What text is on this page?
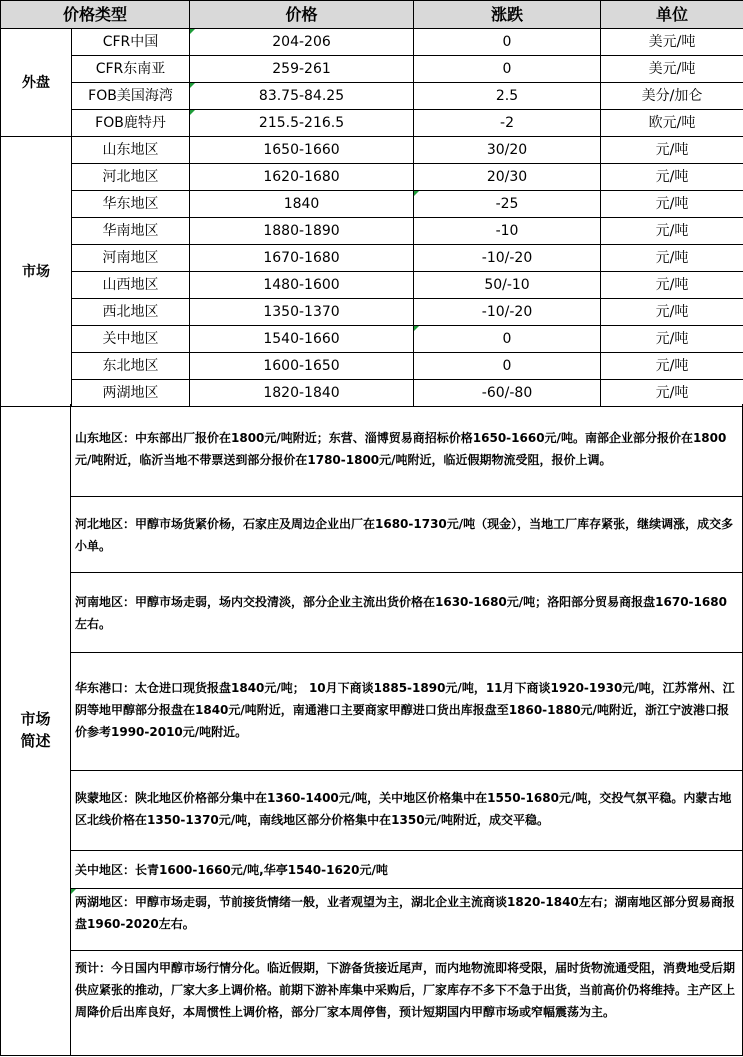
价格类型		价格	涨跌	单位
外盘	CFR中国	204-206	0	美元/吨
	CFR东南亚	259-261	0	美元/吨
	FOB美国海湾	83.75-84.25	2.5	美分/加仑
	FOB鹿特丹	215.5-216.5	-2	欧元/吨
市场	山东地区	1650-1660	30/20	元/吨
	河北地区	1620-1680	20/30	元/吨
	华东地区	1840	-25	元/吨
	华南地区	1880-1890	-10	元/吨
	河南地区	1670-1680	-10/-20	元/吨
	山西地区	1480-1600	50/-10	元/吨
	西北地区	1350-1370	-10/-20	元/吨
	关中地区	1540-1660	0	元/吨
	东北地区	1600-1650	0	元/吨
	两湖地区	1820-1840	-60/-80	元/吨
市场
简述
山东地区：中东部出厂报价在1800元/吨附近；东营、淄博贸易商招标价格1650-1660元/吨。南部企业部分报价在1800元/吨附近，临沂当地不带票送到部分报价在1780-1800元/吨附近，临近假期物流受阻，报价上调。
河北地区：甲醇市场货紧价杨，石家庄及周边企业出厂在1680-1730元/吨（现金），当地工厂库存紧张，继续调涨，成交多小单。
河南地区：甲醇市场走弱，场内交投清淡，部分企业主流出货价格在1630-1680元/吨；洛阳部分贸易商报盘1670-1680左右。
华东港口：太仓进口现货报盘1840元/吨； 10月下商谈1885-1890元/吨，11月下商谈1920-1930元/吨，江苏常州、江阴等地甲醇部分报盘在1840元/吨附近，南通港口主要商家甲醇进口货出库报盘至1860-1880元/吨附近，浙江宁波港口报价参考1990-2010元/吨附近。
陕蒙地区：陕北地区价格部分集中在1360-1400元/吨，关中地区价格集中在1550-1680元/吨，交投气氛平稳。内蒙古地区北线价格在1350-1370元/吨，南线地区部分价格集中在1350元/吨附近，成交平稳。
关中地区：长青1600-1660元/吨,华亭1540-1620元/吨
两湖地区：甲醇市场走弱，节前接货情绪一般，业者观望为主，湖北企业主流商谈1820-1840左右；湖南地区部分贸易商报盘1960-2020左右。
预计：今日国内甲醇市场行情分化。临近假期，下游备货接近尾声，而内地物流即将受限，届时货物流通受阻，消费地受后期供应紧张的推动，厂家大多上调价格。前期下游补库集中采购后，厂家库存不多下不急于出货，当前高价仍将维持。主产区上周降价后出库良好，本周惯性上调价格，部分厂家本周停售，预计短期国内甲醇市场或窄幅震荡为主。
